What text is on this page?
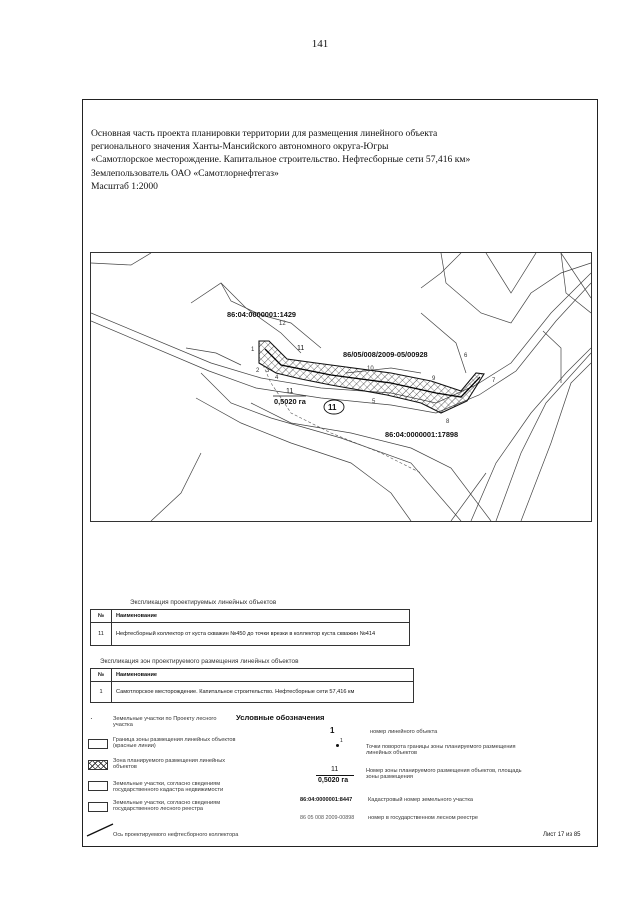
141
Основная часть проекта планировки территории для размещения линейного объекта
регионального значения Ханты-Мансийского автономного округа-Югры
«Самотлорское месторождение. Капитальное строительство. Нефтесборные сети 57,416 км»
Землепользователь ОАО «Самотлорнефтегаз»
Масштаб 1:2000
86:04:0000001:1429
86/05/008/2009-05/00928
86:04:0000001:17898
0,5020 га
11
11
11
1
2 3
4
5
6
7
8
9
10
12
Экспликация проектируемых линейных объектов
№	Наименование
11	Нефтесборный коллектор от куста скважин №450 до точки врезки в коллектор куста скважин №414
Экспликация зон проектируемого размещения линейных объектов
№	Наименование
1	Самотлорское месторождение. Капитальное строительство. Нефтесборные сети 57,416 км
Условные обозначения
·	Земельные участки по Проекту лесного участка
Граница зоны размещения линейных объектов (красные линии)
Зона планируемого размещения линейных объектов
Земельные участки, согласно сведениям государственного кадастра недвижимости
Земельные участки, согласно сведениям государственного лесного реестра
Ось проектируемого нефтесборного коллектора
1	номер линейного объекта
1
Точки поворота границы зоны планируемого размещения линейных объектов
11
0,5020 га
Номер зоны планируемого размещения объектов, площадь зоны размещения
86:04:0000001:8447	Кадастровый номер земельного участка
86 05 008 2009-00898 номер в государственном лесном реестре
Лист 17 из 85
